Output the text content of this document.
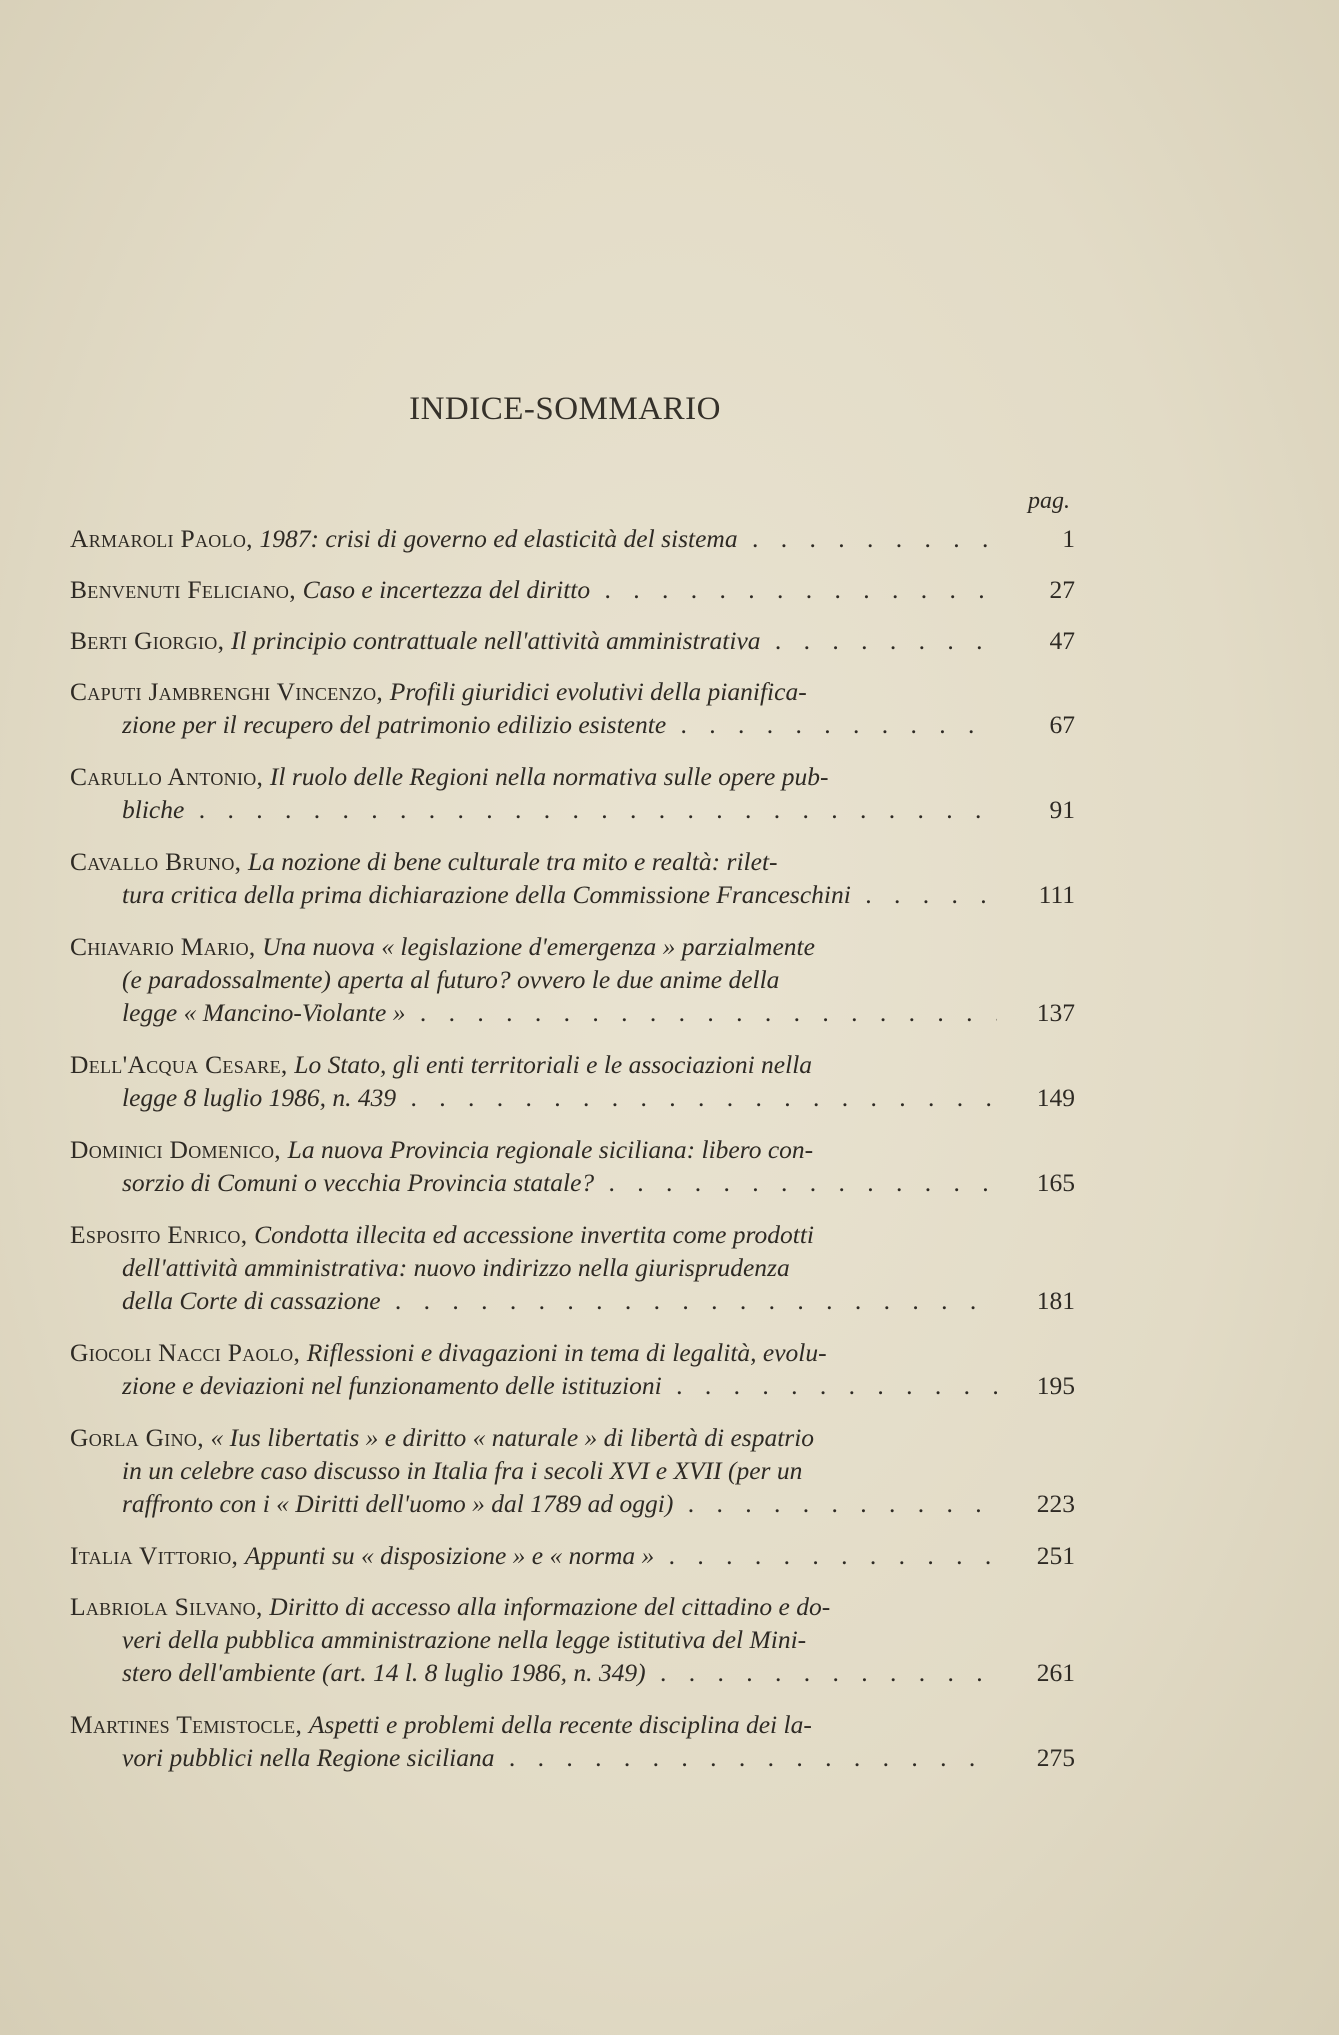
INDICE-SOMMARIO
pag.
Armaroli Paolo, 1987: crisi di governo ed elasticità del sistema . . .	1
Benvenuti Feliciano, Caso e incertezza del diritto . . .	27
Berti Giorgio, Il principio contrattuale nell'attività amministrativa . . .	47
Caputi Jambrenghi Vincenzo, Profili giuridici evolutivi della pianifica-
zione per il recupero del patrimonio edilizio esistente . . .	67
Carullo Antonio, Il ruolo delle Regioni nella normativa sulle opere pub-
bliche . . .	91
Cavallo Bruno, La nozione di bene culturale tra mito e realtà: rilet-
tura critica della prima dichiarazione della Commissione Franceschini . . .	111
Chiavario Mario, Una nuova « legislazione d'emergenza » parzialmente
(e paradossalmente) aperta al futuro? ovvero le due anime della
legge « Mancino-Violante » . . .	137
Dell'Acqua Cesare, Lo Stato, gli enti territoriali e le associazioni nella
legge 8 luglio 1986, n. 439 . . .	149
Dominici Domenico, La nuova Provincia regionale siciliana: libero con-
sorzio di Comuni o vecchia Provincia statale? . . .	165
Esposito Enrico, Condotta illecita ed accessione invertita come prodotti
dell'attività amministrativa: nuovo indirizzo nella giurisprudenza
della Corte di cassazione . . .	181
Giocoli Nacci Paolo, Riflessioni e divagazioni in tema di legalità, evolu-
zione e deviazioni nel funzionamento delle istituzioni . . .	195
Gorla Gino, « Ius libertatis » e diritto « naturale » di libertà di espatrio
in un celebre caso discusso in Italia fra i secoli XVI e XVII (per un
raffronto con i « Diritti dell'uomo » dal 1789 ad oggi) . . .	223
Italia Vittorio, Appunti su « disposizione » e « norma » . . .	251
Labriola Silvano, Diritto di accesso alla informazione del cittadino e do-
veri della pubblica amministrazione nella legge istitutiva del Mini-
stero dell'ambiente (art. 14 l. 8 luglio 1986, n. 349) . . .	261
Martines Temistocle, Aspetti e problemi della recente disciplina dei la-
vori pubblici nella Regione siciliana . . .	275
